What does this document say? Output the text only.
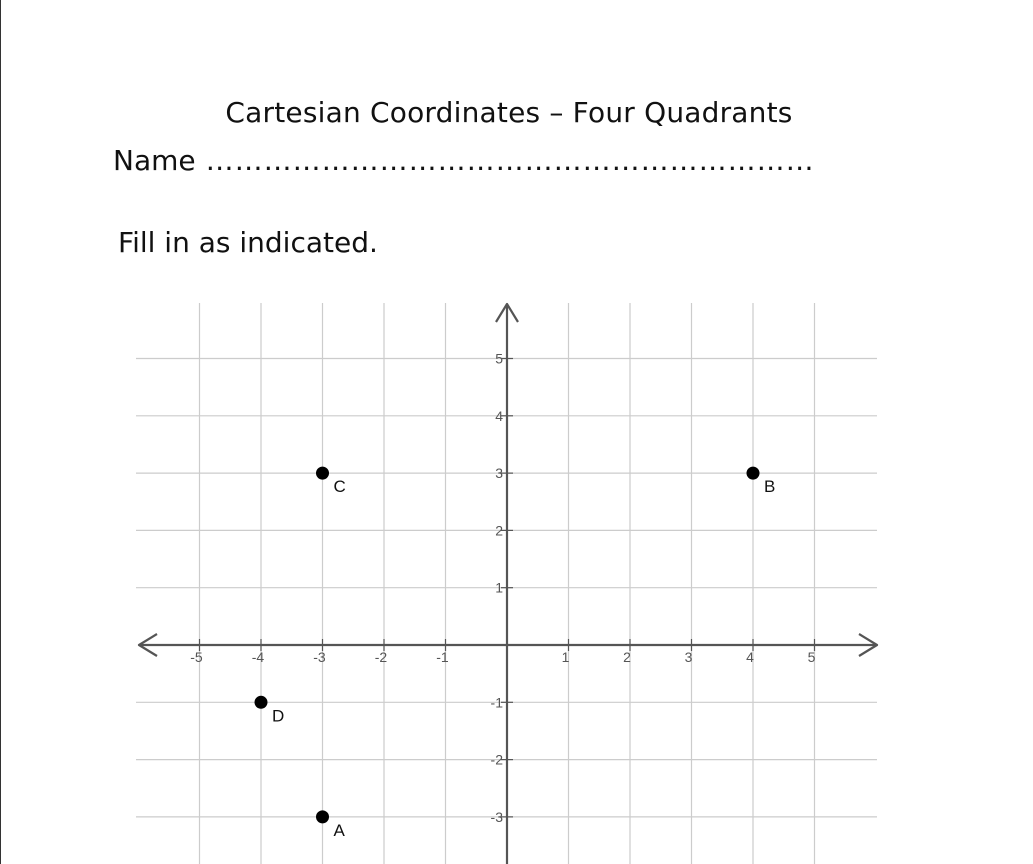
Cartesian Coordinates – Four Quadrants
Name ………………………………………………………
Fill in as indicated.
-5	-4	-3	-2	-1	1	2	3	4	5
5
4
3
2
1
-1
-2
-3
C	B
D
A
